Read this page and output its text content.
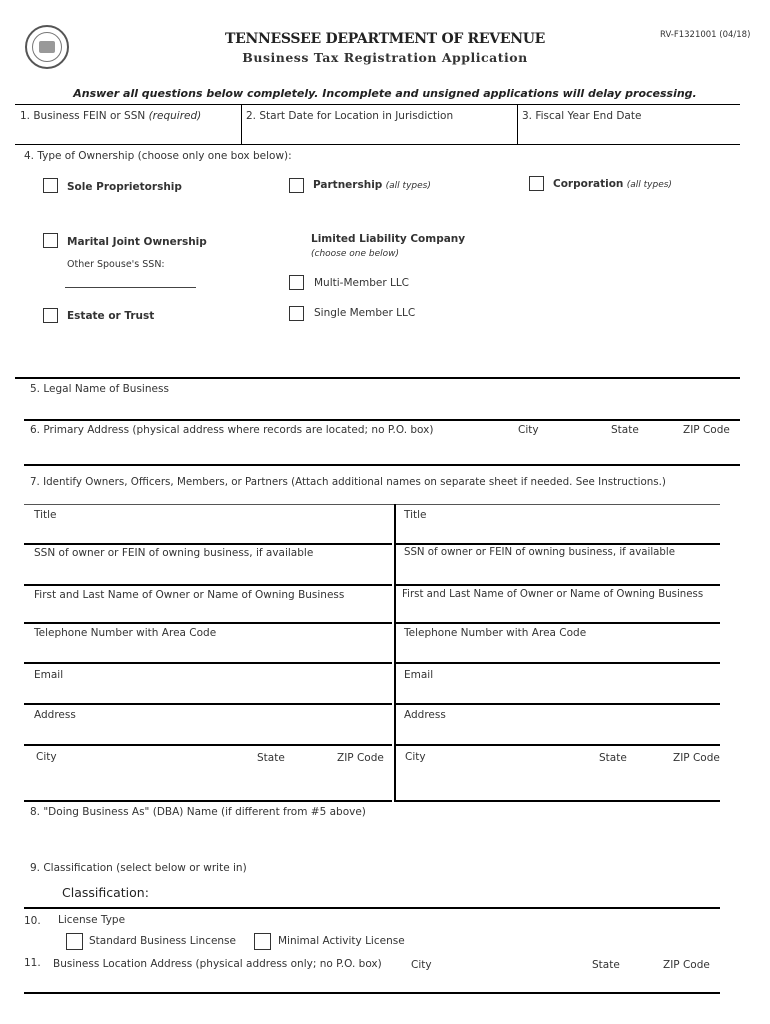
TENNESSEE DEPARTMENT OF REVENUE
Business Tax Registration Application
RV-F1321001 (04/18)
Answer all questions below completely. Incomplete and unsigned applications will delay processing.
1. Business FEIN or SSN (required)	2. Start Date for Location in Jurisdiction	3. Fiscal Year End Date
4. Type of Ownership (choose only one box below):
Sole Proprietorship	Partnership (all types)	Corporation (all types)
Marital Joint Ownership
Other Spouse's SSN:
Limited Liability Company
(choose one below)
Multi-Member LLC
Single Member LLC
Estate or Trust
5. Legal Name of Business
6. Primary Address (physical address where records are located; no P.O. box)	City	State	ZIP Code
7. Identify Owners, Officers, Members, or Partners (Attach additional names on separate sheet if needed. See Instructions.)
Title
SSN of owner or FEIN of owning business, if available
First and Last Name of Owner or Name of Owning Business
Telephone Number with Area Code
Email
Address
City	State	ZIP Code
Title
SSN of owner or FEIN of owning business, if available
First and Last Name of Owner or Name of Owning Business
Telephone Number with Area Code
Email
Address
City	State	ZIP Code
8. "Doing Business As" (DBA) Name (if different from #5 above)
9. Classification (select below or write in)
Classification:
10. License Type
Standard Business Lincense	Minimal Activity License
11. Business Location Address (physical address only; no P.O. box)	City	State	ZIP Code
